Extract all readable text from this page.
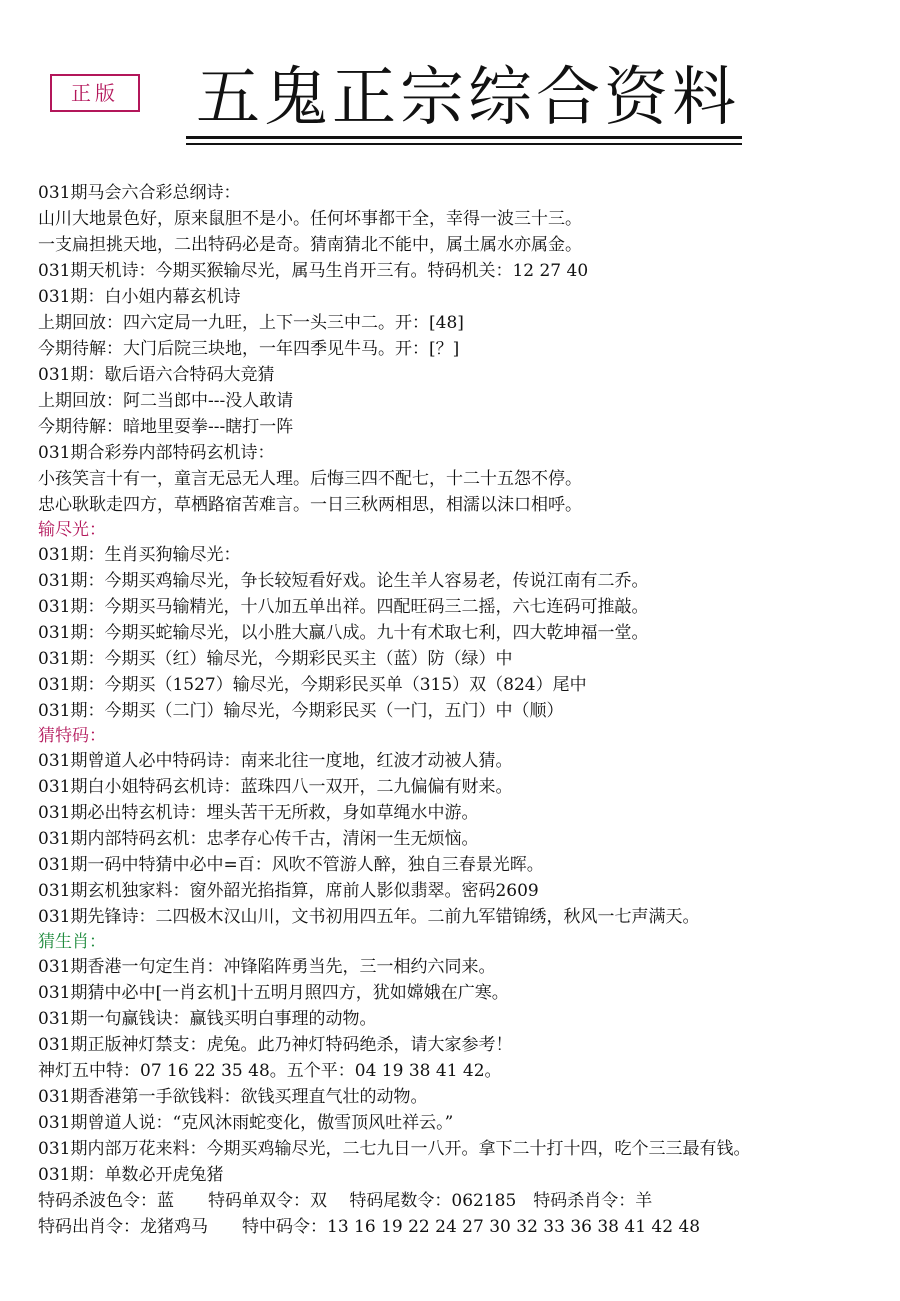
正版 五鬼正宗综合资料
031期马会六合彩总纲诗：
山川大地景色好，原来鼠胆不是小。任何坏事都干全，幸得一波三十三。
一支扁担挑天地，二出特码必是奇。猜南猜北不能中，属土属水亦属金。
031期天机诗：今期买猴输尽光，属马生肖开三有。特码机关：12 27 40
031期：白小姐内幕玄机诗
上期回放：四六定局一九旺，上下一头三中二。开：[48]
今期待解：大门后院三块地，一年四季见牛马。开：[？]
031期：歇后语六合特码大竞猜
上期回放：阿二当郎中---没人敢请
今期待解：暗地里耍拳---瞎打一阵
031期合彩券内部特码玄机诗：
小孩笑言十有一，童言无忌无人理。后悔三四不配七，十二十五怨不停。
忠心耿耿走四方，草栖路宿苦难言。一日三秋两相思，相濡以沫口相呼。
输尽光：
031期：生肖买狗输尽光：
031期：今期买鸡输尽光，争长较短看好戏。论生羊人容易老，传说江南有二乔。
031期：今期买马输精光，十八加五单出祥。四配旺码三二摇，六七连码可推敲。
031期：今期买蛇输尽光，以小胜大赢八成。九十有术取七利，四大乾坤福一堂。
031期：今期买（红）输尽光，今期彩民买主（蓝）防（绿）中
031期：今期买（1527）输尽光，今期彩民买单（315）双（824）尾中
031期：今期买（二门）输尽光，今期彩民买（一门，五门）中（顺）
猜特码：
031期曾道人必中特码诗：南来北往一度地，红波才动被人猜。
031期白小姐特码玄机诗：蓝珠四八一双开，二九偏偏有财来。
031期必出特玄机诗：埋头苦干无所救，身如草绳水中游。
031期内部特码玄机：忠孝存心传千古，清闲一生无烦恼。
031期一码中特猜中必中=百：风吹不管游人醉，独自三春景光晖。
031期玄机独家料：窗外韶光掐指算，席前人影似翡翠。密码2609
031期先锋诗：二四极木汉山川，文书初用四五年。二前九军错锦绣，秋风一七声满天。
猜生肖：
031期香港一句定生肖：冲锋陷阵勇当先，三一相约六同来。
031期猜中必中[一肖玄机]十五明月照四方，犹如嫦娥在广寒。
031期一句赢钱诀：赢钱买明白事理的动物。
031期正版神灯禁支：虎兔。此乃神灯特码绝杀，请大家参考！
神灯五中特：07 16 22 35 48。五个平：04 19 38 41 42。
031期香港第一手欲钱料：欲钱买理直气壮的动物。
031期曾道人说：“克风沐雨蛇变化，傲雪顶风吐祥云。”
031期内部万花来料：今期买鸡输尽光，二七九日一八开。拿下二十打十四，吃个三三最有钱。
031期：单数必开虎兔猪
特码杀波色令：蓝　　特码单双令：双　 特码尾数令：062185　特码杀肖令：羊
特码出肖令：龙猪鸡马　　特中码令：13 16 19 22 24 27 30 32 33 36 38 41 42 48
